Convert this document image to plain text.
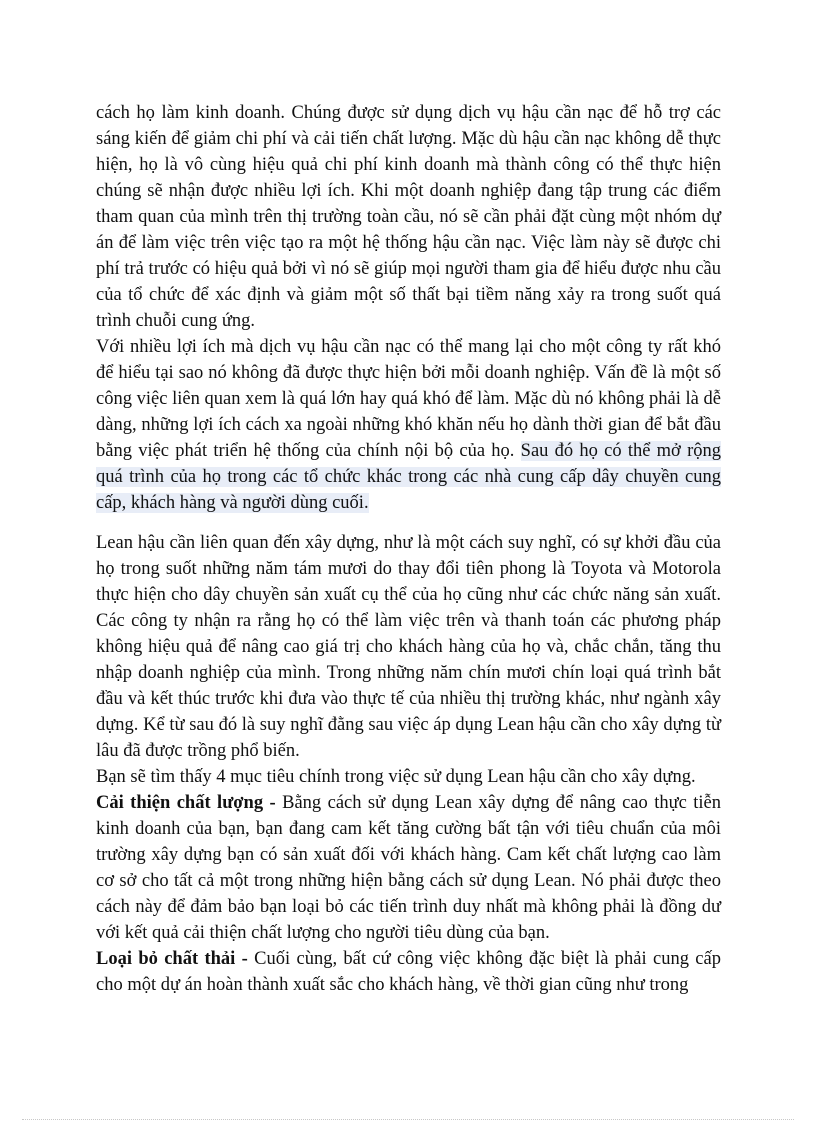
cách họ làm kinh doanh. Chúng được sử dụng dịch vụ hậu cần nạc để hỗ trợ các sáng kiến để giảm chi phí và cải tiến chất lượng. Mặc dù hậu cần nạc không dễ thực hiện, họ là vô cùng hiệu quả chi phí kinh doanh mà thành công có thể thực hiện chúng sẽ nhận được nhiều lợi ích. Khi một doanh nghiệp đang tập trung các điểm tham quan của mình trên thị trường toàn cầu, nó sẽ cần phải đặt cùng một nhóm dự án để làm việc trên việc tạo ra một hệ thống hậu cần nạc. Việc làm này sẽ được chi phí trả trước có hiệu quả bởi vì nó sẽ giúp mọi người tham gia để hiểu được nhu cầu của tổ chức để xác định và giảm một số thất bại tiềm năng xảy ra trong suốt quá trình chuỗi cung ứng.

Với nhiều lợi ích mà dịch vụ hậu cần nạc có thể mang lại cho một công ty rất khó để hiểu tại sao nó không đã được thực hiện bởi mỗi doanh nghiệp. Vấn đề là một số công việc liên quan xem là quá lớn hay quá khó để làm. Mặc dù nó không phải là dễ dàng, những lợi ích cách xa ngoài những khó khăn nếu họ dành thời gian để bắt đầu bằng việc phát triển hệ thống của chính nội bộ của họ. Sau đó họ có thể mở rộng quá trình của họ trong các tổ chức khác trong các nhà cung cấp dây chuyền cung cấp, khách hàng và người dùng cuối.

Lean hậu cần liên quan đến xây dựng, như là một cách suy nghĩ, có sự khởi đầu của họ trong suốt những năm tám mươi do thay đổi tiên phong là Toyota và Motorola thực hiện cho dây chuyền sản xuất cụ thể của họ cũng như các chức năng sản xuất. Các công ty nhận ra rằng họ có thể làm việc trên và thanh toán các phương pháp không hiệu quả để nâng cao giá trị cho khách hàng của họ và, chắc chắn, tăng thu nhập doanh nghiệp của mình. Trong những năm chín mươi chín loại quá trình bắt đầu và kết thúc trước khi đưa vào thực tế của nhiều thị trường khác, như ngành xây dựng. Kể từ sau đó là suy nghĩ đằng sau việc áp dụng Lean hậu cần cho xây dựng từ lâu đã được trồng phổ biến.

Bạn sẽ tìm thấy 4 mục tiêu chính trong việc sử dụng Lean hậu cần cho xây dựng.

Cải thiện chất lượng - Bằng cách sử dụng Lean xây dựng để nâng cao thực tiễn kinh doanh của bạn, bạn đang cam kết tăng cường bất tận với tiêu chuẩn của môi trường xây dựng bạn có sản xuất đối với khách hàng. Cam kết chất lượng cao làm cơ sở cho tất cả một trong những hiện bằng cách sử dụng Lean. Nó phải được theo cách này để đảm bảo bạn loại bỏ các tiến trình duy nhất mà không phải là đồng dư với kết quả cải thiện chất lượng cho người tiêu dùng của bạn.

Loại bỏ chất thải - Cuối cùng, bất cứ công việc không đặc biệt là phải cung cấp cho một dự án hoàn thành xuất sắc cho khách hàng, về thời gian cũng như trong
